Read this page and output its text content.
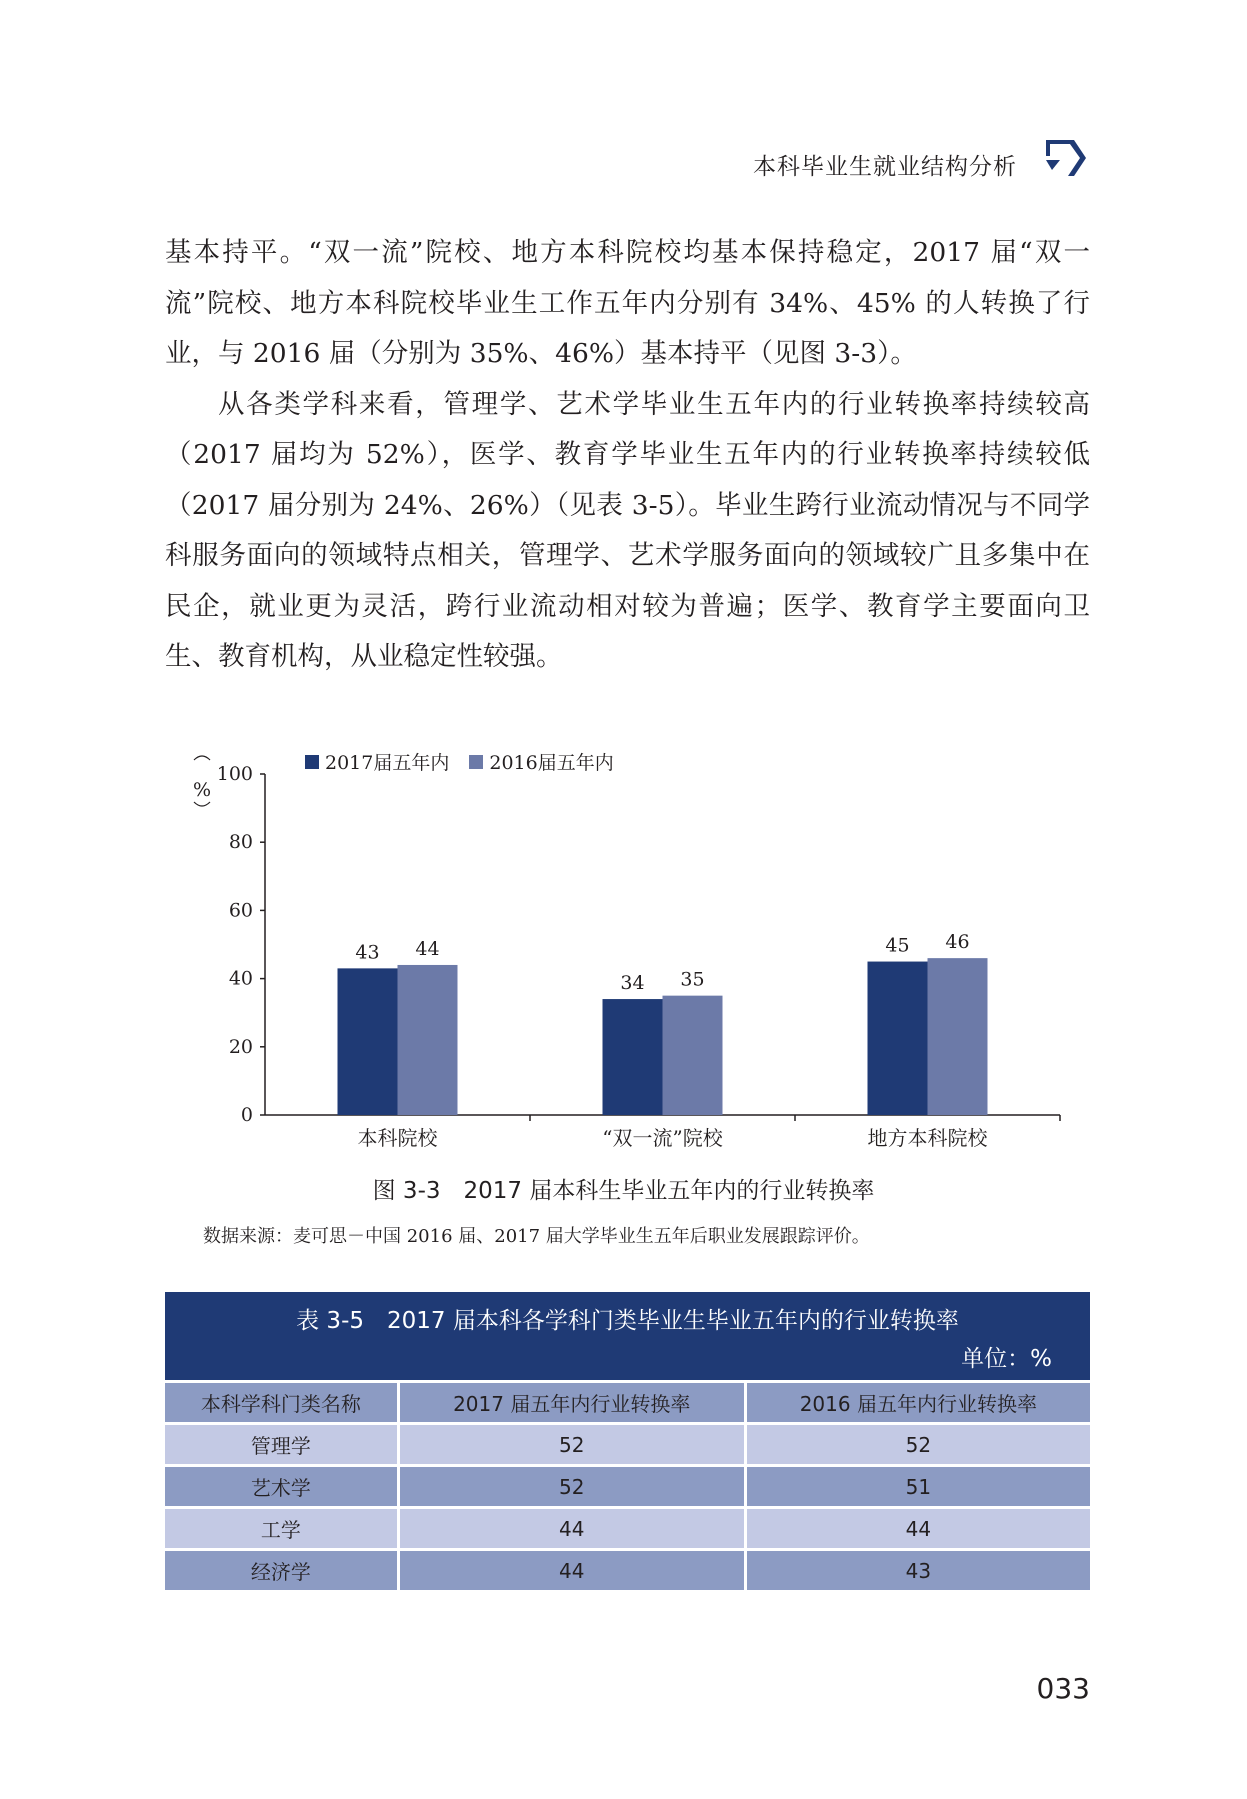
本科毕业生就业结构分析

基本持平。“双一流”院校、地方本科院校均基本保持稳定，2017 届“双一流”院校、地方本科院校毕业生工作五年内分别有 34%、45% 的人转换了行业，与 2016 届（分别为 35%、46%）基本持平（见图 3-3）。

从各类学科来看，管理学、艺术学毕业生五年内的行业转换率持续较高（2017 届均为 52%），医学、教育学毕业生五年内的行业转换率持续较低（2017 届分别为 24%、26%）（见表 3-5）。毕业生跨行业流动情况与不同学科服务面向的领域特点相关，管理学、艺术学服务面向的领域较广且多集中在民企，就业更为灵活，跨行业流动相对较为普遍；医学、教育学主要面向卫生、教育机构，从业稳定性较强。

2017届五年内 2016届五年内
0
20
40
60
80
100
%
43 44
本科院校
34 35
“双一流”院校
45 46
地方本科院校
图 3-3　2017 届本科生毕业五年内的行业转换率
数据来源：麦可思－中国 2016 届、2017 届大学毕业生五年后职业发展跟踪评价。
表 3-5　2017 届本科各学科门类毕业生毕业五年内的行业转换率
单位：%
本科学科门类名称	2017 届五年内行业转换率	2016 届五年内行业转换率
管理学	52	52
艺术学	52	51
工学	44	44
经济学	44	43
033
